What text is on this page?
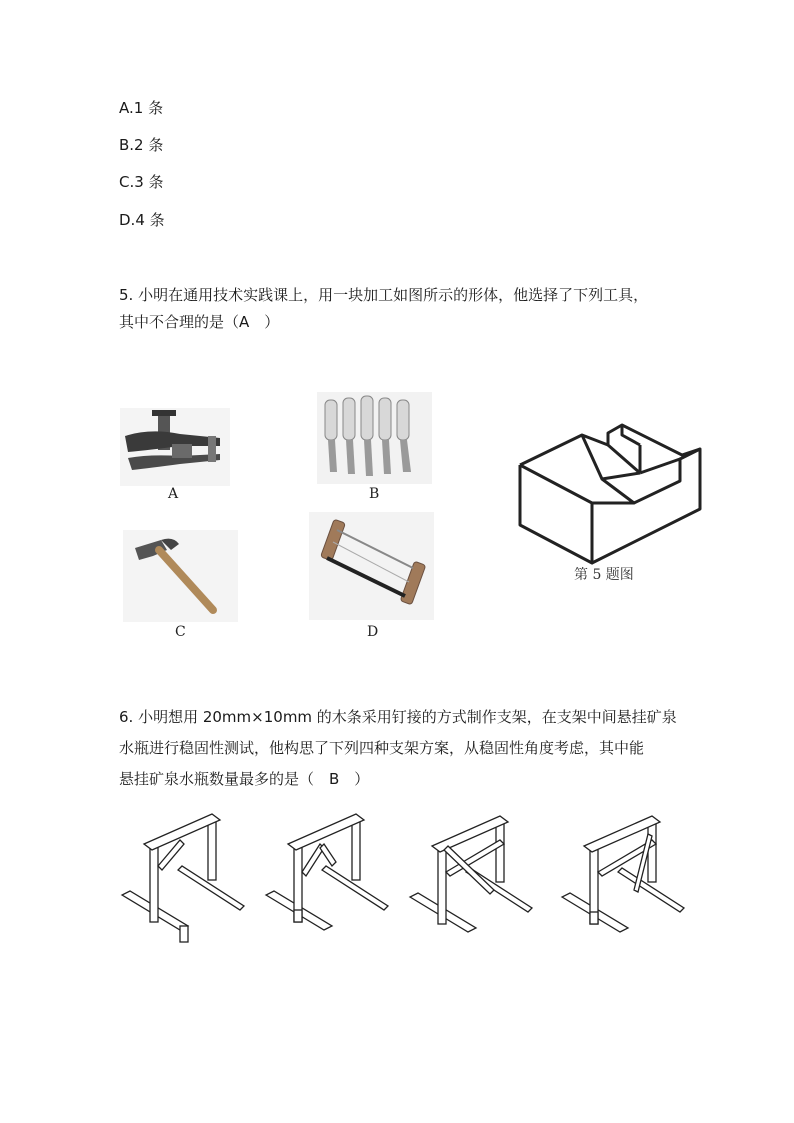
A.1 条
B.2 条
C.3 条
D.4 条
5. 小明在通用技术实践课上，用一块加工如图所示的形体，他选择了下列工具，
其中不合理的是（A　）
A	B
C	D
第 5 题图
6. 小明想用 20mm×10mm 的木条采用钉接的方式制作支架，在支架中间悬挂矿泉
水瓶进行稳固性测试，他构思了下列四种支架方案，从稳固性角度考虑，其中能
悬挂矿泉水瓶数量最多的是（　B　）
